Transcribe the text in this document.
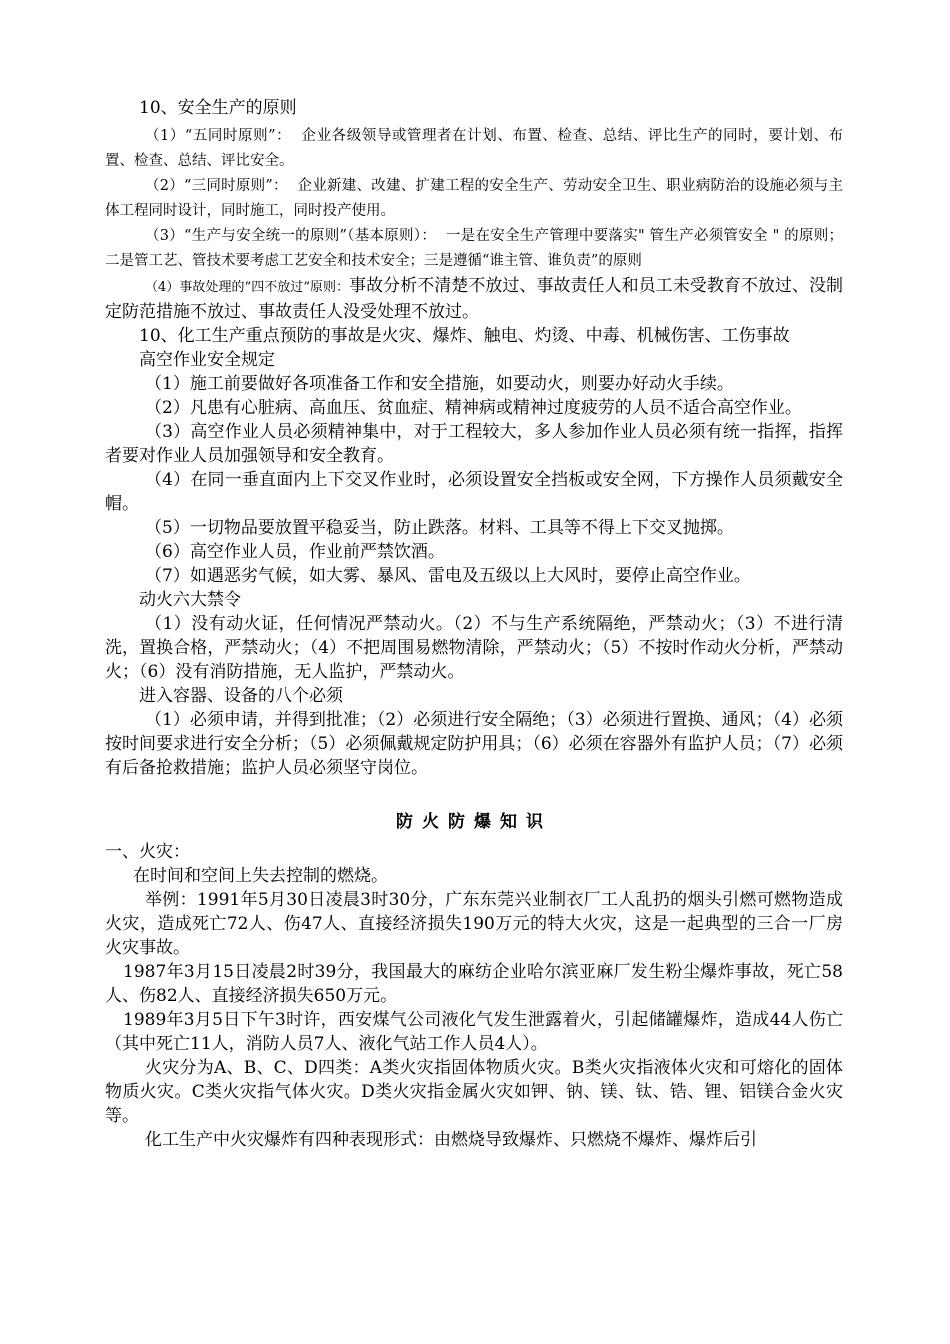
10、安全生产的原则

（1）“五同时原则”： 企业各级领导或管理者在计划、布置、检查、总结、评比生产的同时，要计划、布置、检查、总结、评比安全。

（2）“三同时原则”： 企业新建、改建、扩建工程的安全生产、劳动安全卫生、职业病防治的设施必须与主体工程同时设计，同时施工，同时投产使用。

（3）“生产与安全统一的原则”（基本原则）： 一是在安全生产管理中要落实" 管生产必须管安全 " 的原则；二是管工艺、管技术要考虑工艺安全和技术安全；三是遵循“谁主管、谁负责”的原则

（4）事故处理的“四不放过”原则：事故分析不清楚不放过、事故责任人和员工未受教育不放过、没制定防范措施不放过、事故责任人没受处理不放过。

10、化工生产重点预防的事故是火灾、爆炸、触电、灼烫、中毒、机械伤害、工伤事故

高空作业安全规定

（1）施工前要做好各项准备工作和安全措施，如要动火，则要办好动火手续。

（2）凡患有心脏病、高血压、贫血症、精神病或精神过度疲劳的人员不适合高空作业。

（3）高空作业人员必须精神集中，对于工程较大，多人参加作业人员必须有统一指挥，指挥者要对作业人员加强领导和安全教育。

（4）在同一垂直面内上下交叉作业时，必须设置安全挡板或安全网，下方操作人员须戴安全帽。

（5）一切物品要放置平稳妥当，防止跌落。材料、工具等不得上下交叉抛掷。

（6）高空作业人员，作业前严禁饮酒。

（7）如遇恶劣气候，如大雾、暴风、雷电及五级以上大风时，要停止高空作业。

动火六大禁令

（1）没有动火证，任何情况严禁动火。（2）不与生产系统隔绝，严禁动火；（3）不进行清洗，置换合格，严禁动火；（4）不把周围易燃物清除，严禁动火；（5）不按时作动火分析，严禁动火；（6）没有消防措施，无人监护，严禁动火。

进入容器、设备的八个必须

（1）必须申请，并得到批准；（2）必须进行安全隔绝；（3）必须进行置换、通风；（4）必须按时间要求进行安全分析；（5）必须佩戴规定防护用具；（6）必须在容器外有监护人员；（7）必须有后备抢救措施；监护人员必须坚守岗位。

防火防爆知识

一、火灾：

在时间和空间上失去控制的燃烧。

举例：1991年5月30日凌晨3时30分，广东东莞兴业制衣厂工人乱扔的烟头引燃可燃物造成火灾，造成死亡72人、伤47人、直接经济损失190万元的特大火灾，这是一起典型的三合一厂房火灾事故。

1987年3月15日凌晨2时39分，我国最大的麻纺企业哈尔滨亚麻厂发生粉尘爆炸事故，死亡58人、伤82人、直接经济损失650万元。

1989年3月5日下午3时许，西安煤气公司液化气发生泄露着火，引起储罐爆炸，造成44人伤亡（其中死亡11人，消防人员7人、液化气站工作人员4人）。

火灾分为A、B、C、D四类：A类火灾指固体物质火灾。B类火灾指液体火灾和可熔化的固体物质火灾。C类火灾指气体火灾。D类火灾指金属火灾如钾、钠、镁、钛、锆、锂、铝镁合金火灾等。

化工生产中火灾爆炸有四种表现形式：由燃烧导致爆炸、只燃烧不爆炸、爆炸后引
